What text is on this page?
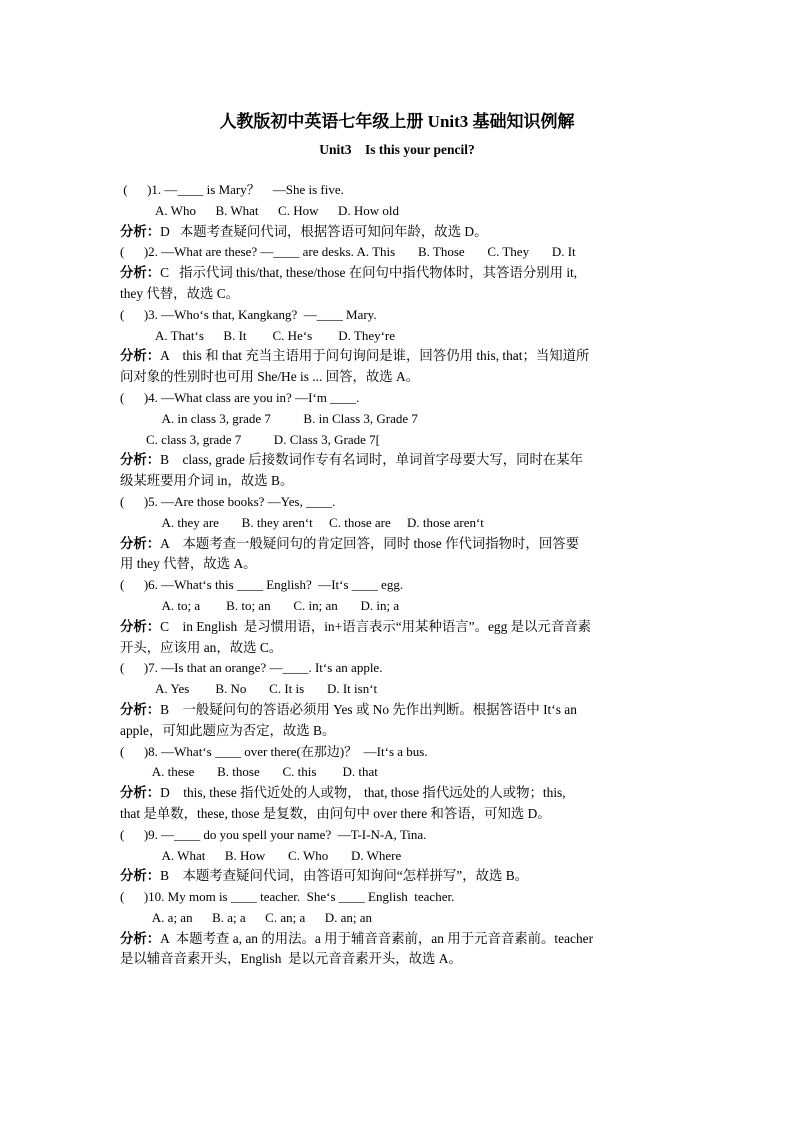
人教版初中英语七年级上册 Unit3 基础知识例解
Unit3    Is this your pencil?
(      )1. —____ is Mary？    —She is five.
A. Who      B. What      C. How      D. How old
分析：D   本题考查疑问代词，根据答语可知问年龄，故选 D。
(      )2. —What are these? —____ are desks. A. This       B. Those       C. They       D. It
分析：C   指示代词 this/that, these/those 在问句中指代物体时，其答语分别用 it,
they 代替，故选 C。
(      )3. —Who‘s that, Kangkang?  —____ Mary.
A. That‘s      B. It        C. He‘s        D. They‘re
分析：A    this 和 that 充当主语用于问句询问是谁，回答仍用 this, that；当知道所
问对象的性别时也可用 She/He is ... 回答，故选 A。
(      )4. —What class are you in? —I‘m ____.
A. in class 3, grade 7          B. in Class 3, Grade 7
C. class 3, grade 7          D. Class 3, Grade 7[
分析：B    class, grade 后接数词作专有名词时，单词首字母要大写，同时在某年
级某班要用介词 in，故选 B。
(      )5. —Are those books? —Yes, ____.
A. they are       B. they aren‘t     C. those are     D. those aren‘t
分析：A    本题考查一般疑问句的肯定回答，同时 those 作代词指物时，回答要
用 they 代替，故选 A。
(      )6. —What‘s this ____ English?  —It‘s ____ egg.
A. to; a        B. to; an       C. in; an       D. in; a
分析：C    in English  是习惯用语，in+语言表示“用某种语言”。egg 是以元音音素
开头，应该用 an，故选 C。
(      )7. —Is that an orange? —____. It‘s an apple.
A. Yes        B. No       C. It is       D. It isn‘t
分析：B    一般疑问句的答语必须用 Yes 或 No 先作出判断。根据答语中 It‘s an
apple，可知此题应为否定，故选 B。
(      )8. —What‘s ____ over there(在那边)？  —It‘s a bus.
A. these       B. those       C. this        D. that
分析：D    this, these 指代近处的人或物， that, those 指代远处的人或物；this,
that 是单数，these, those 是复数，由问句中 over there 和答语，可知选 D。
(      )9. —____ do you spell your name?  —T-I-N-A, Tina.
A. What      B. How       C. Who       D. Where
分析：B    本题考查疑问代词，由答语可知询问“怎样拼写”，故选 B。
(      )10. My mom is ____ teacher.  She‘s ____ English  teacher.
A. a; an      B. a; a      C. an; a      D. an; an
分析：A  本题考查 a, an 的用法。a 用于辅音音素前，an 用于元音音素前。teacher
是以辅音音素开头，English  是以元音音素开头，故选 A。
